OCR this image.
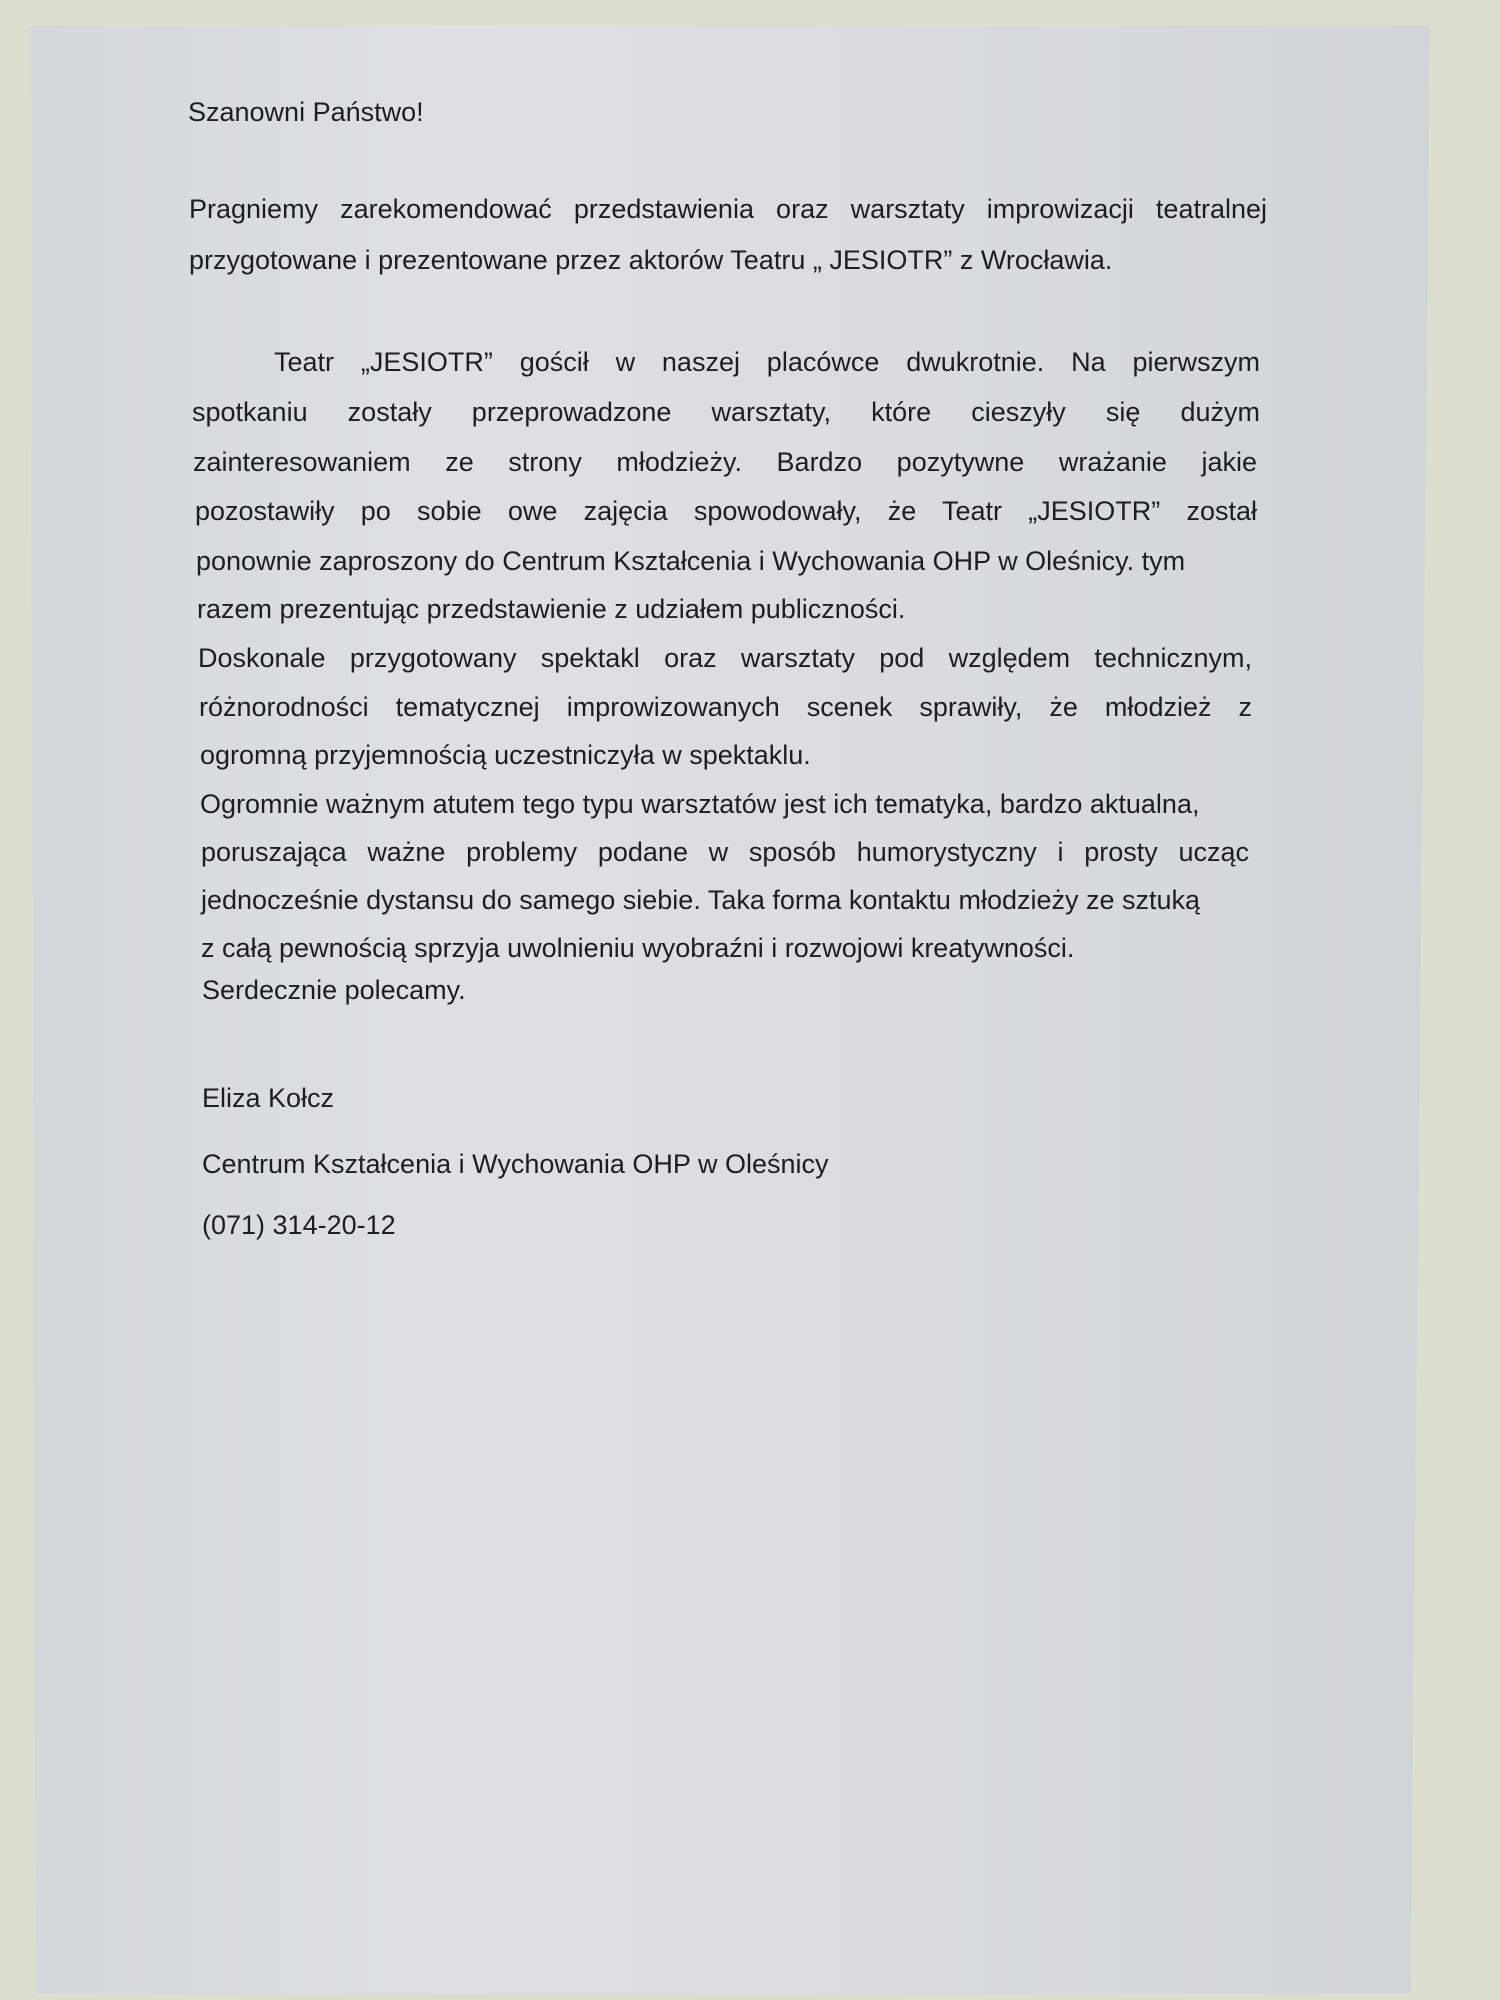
Szanowni Państwo!
Pragniemy zarekomendować przedstawienia oraz warsztaty improwizacji teatralnej
przygotowane i prezentowane przez aktorów Teatru „ JESIOTR” z Wrocławia.
Teatr „JESIOTR” gościł w naszej placówce dwukrotnie. Na pierwszym
spotkaniu zostały przeprowadzone warsztaty, które cieszyły się dużym
zainteresowaniem ze strony młodzieży. Bardzo pozytywne wrażanie jakie
pozostawiły po sobie owe zajęcia spowodowały, że Teatr „JESIOTR” został
ponownie zaproszony do Centrum Kształcenia i Wychowania OHP w Oleśnicy. tym
razem prezentując przedstawienie z udziałem publiczności.
Doskonale przygotowany spektakl oraz warsztaty pod względem technicznym,
różnorodności tematycznej improwizowanych scenek sprawiły, że młodzież z
ogromną przyjemnością uczestniczyła w spektaklu.
Ogromnie ważnym atutem tego typu warsztatów jest ich tematyka, bardzo aktualna,
poruszająca ważne problemy podane w sposób humorystyczny i prosty ucząc
jednocześnie dystansu do samego siebie. Taka forma kontaktu młodzieży ze sztuką
z całą pewnością sprzyja uwolnieniu wyobraźni i rozwojowi kreatywności.
Serdecznie polecamy.
Eliza Kołcz
Centrum Kształcenia i Wychowania OHP w Oleśnicy
(071) 314-20-12
